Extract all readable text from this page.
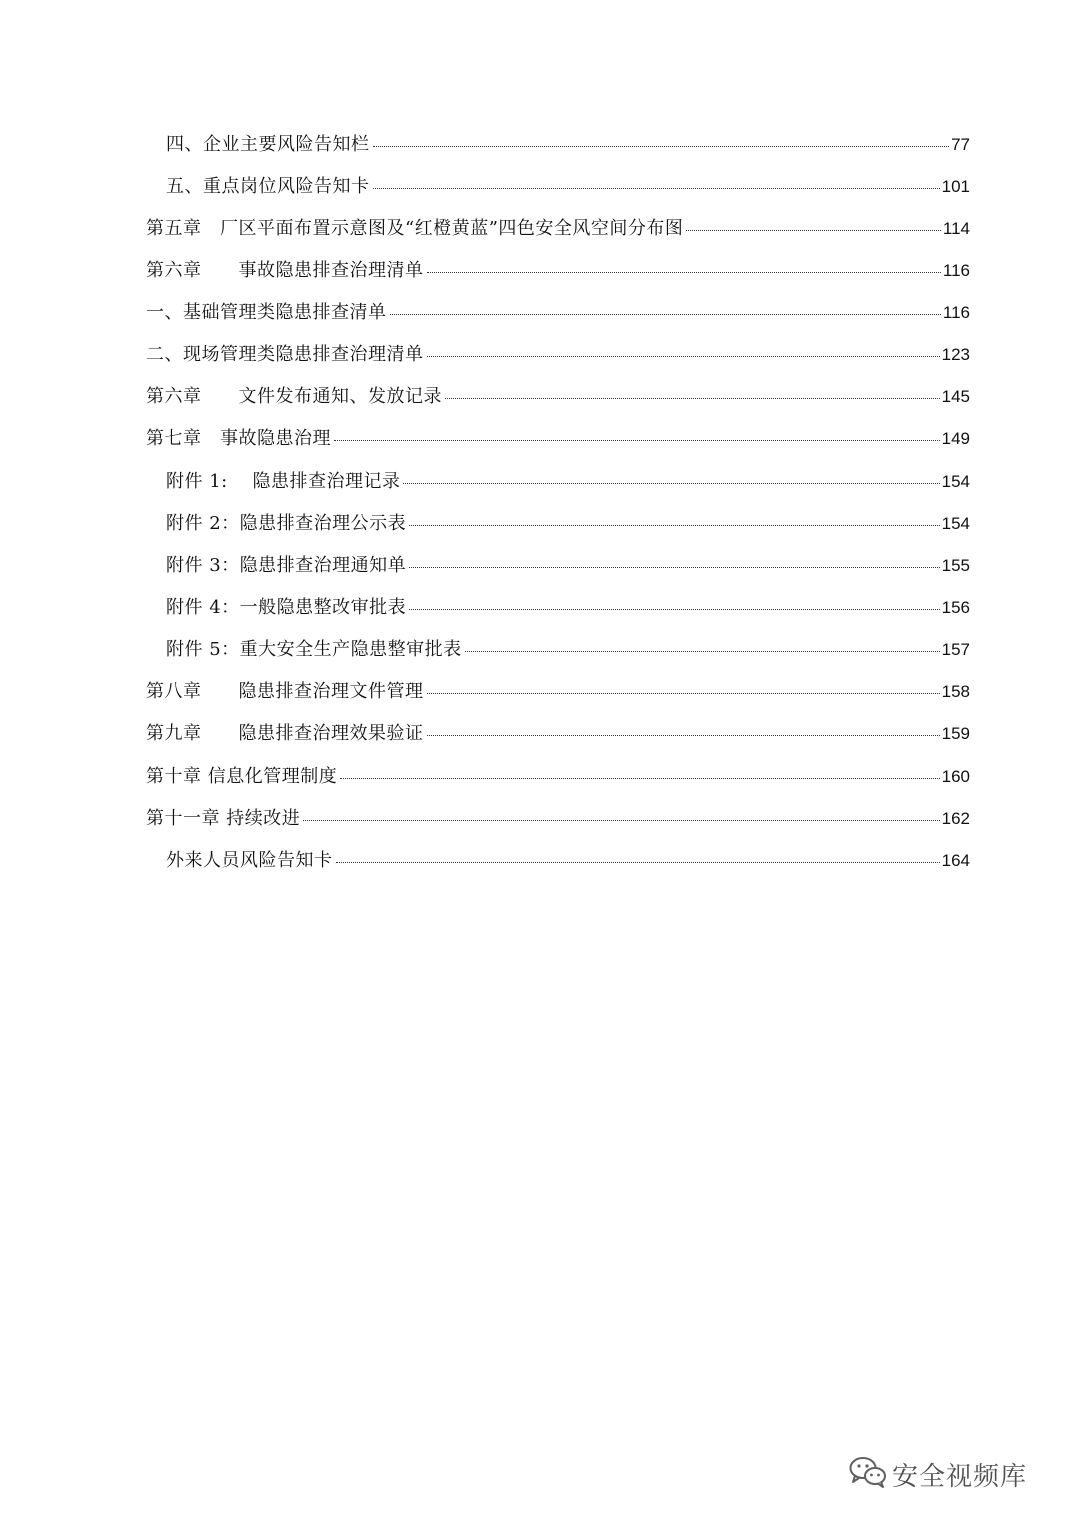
四、企业主要风险告知栏	77
五、重点岗位风险告知卡	101
第五章　厂区平面布置示意图及“红橙黄蓝”四色安全风空间分布图	114
第六章　　事故隐患排查治理清单	116
一、基础管理类隐患排查清单	116
二、现场管理类隐患排查治理清单	123
第六章　　文件发布通知、发放记录	145
第七章　事故隐患治理	149
附件 1:　 隐患排查治理记录	154
附件 2：隐患排查治理公示表	154
附件 3：隐患排查治理通知单	155
附件 4：一般隐患整改审批表	156
附件 5：重大安全生产隐患整审批表	157
第八章　　隐患排查治理文件管理	158
第九章　　隐患排查治理效果验证	159
第十章 信息化管理制度	160
第十一章 持续改进	162
外来人员风险告知卡	164
安全视频库
